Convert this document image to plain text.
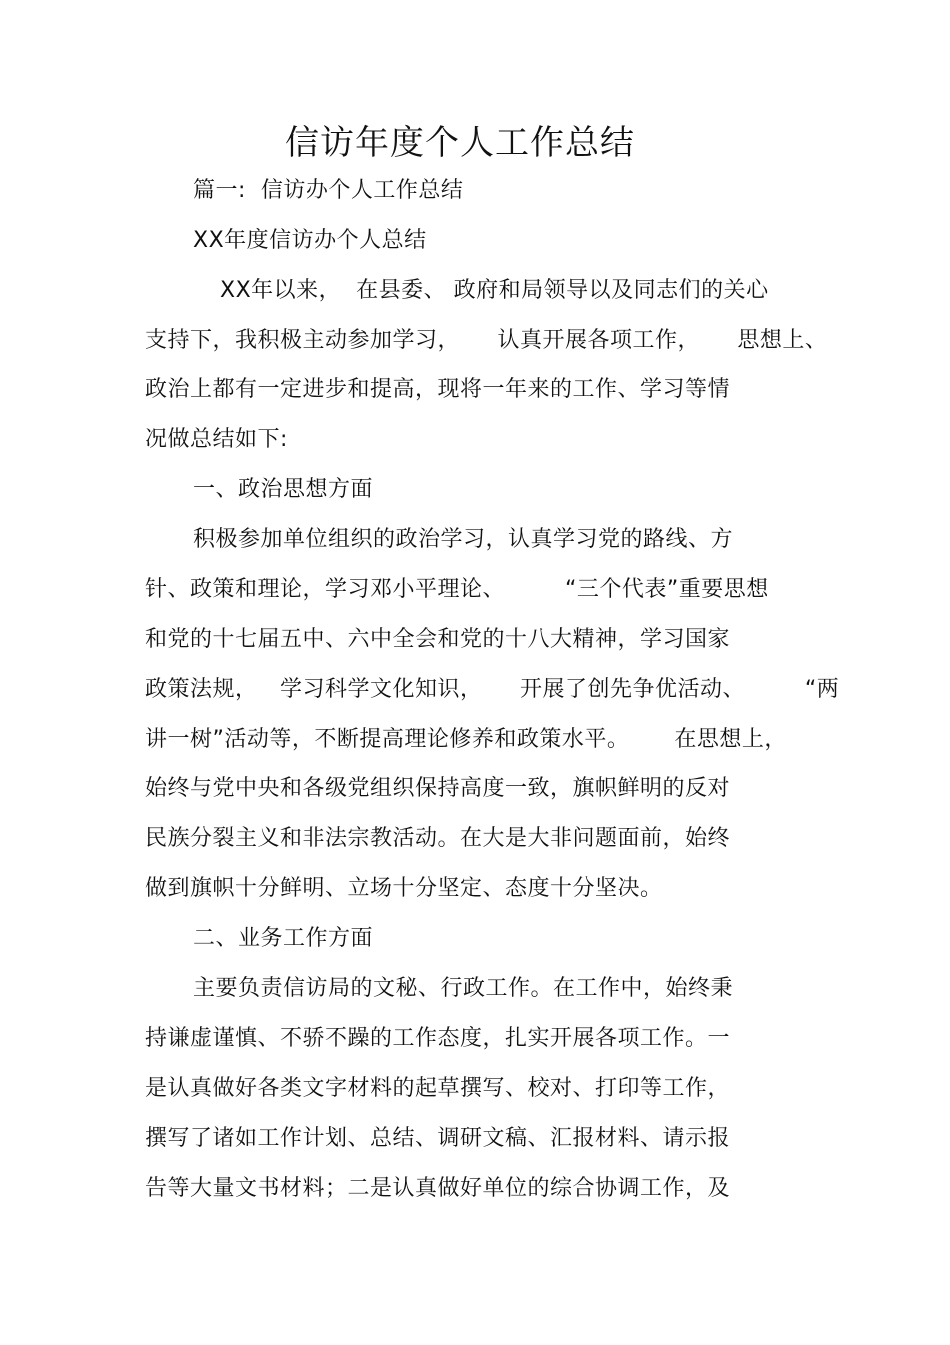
信访年度个人工作总结
篇一:  信访办个人工作总结
XX年度信访办个人总结
XX年以来，  在县委、 政府和局领导以及同志们的关心
支持下，我积极主动参加学习，     认真开展各项工作，     思想上、
政治上都有一定进步和提高，现将一年来的工作、学习等情
况做总结如下:
一、政治思想方面
积极参加单位组织的政治学习，认真学习党的路线、方
针、政策和理论，学习邓小平理论、        “三个代表”重要思想
和党的十七届五中、六中全会和党的十八大精神，学习国家
政策法规，   学习科学文化知识，     开展了创先争优活动、        “两
讲一树”活动等，不断提高理论修养和政策水平。      在思想上，
始终与党中央和各级党组织保持高度一致，旗帜鲜明的反对
民族分裂主义和非法宗教活动。在大是大非问题面前，始终
做到旗帜十分鲜明、立场十分坚定、态度十分坚决。
二、业务工作方面
主要负责信访局的文秘、行政工作。在工作中，始终秉
持谦虚谨慎、不骄不躁的工作态度，扎实开展各项工作。一
是认真做好各类文字材料的起草撰写、校对、打印等工作，
撰写了诸如工作计划、总结、调研文稿、汇报材料、请示报
告等大量文书材料；二是认真做好单位的综合协调工作，及
